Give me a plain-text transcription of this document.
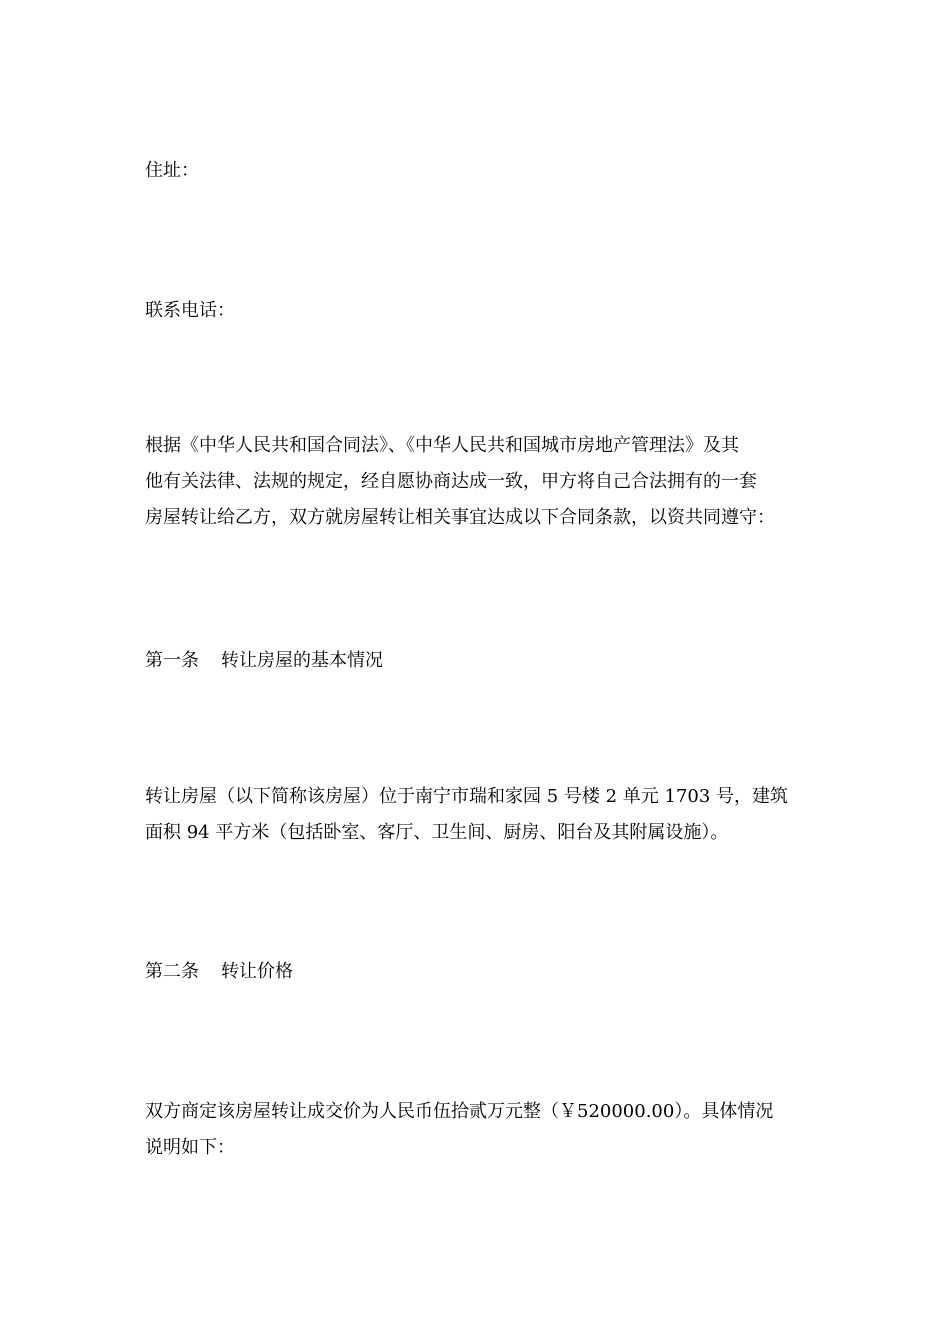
住址：

联系电话：

根据《中华人民共和国合同法》、《中华人民共和国城市房地产管理法》及其
他有关法律、法规的规定，经自愿协商达成一致，甲方将自己合法拥有的一套
房屋转让给乙方，双方就房屋转让相关事宜达成以下合同条款，以资共同遵守：

第一条 转让房屋的基本情况

转让房屋（以下简称该房屋）位于南宁市瑞和家园 5 号楼 2 单元 1703 号，建筑
面积 94 平方米（包括卧室、客厅、卫生间、厨房、阳台及其附属设施）。

第二条 转让价格

双方商定该房屋转让成交价为人民币伍拾贰万元整（￥520000.00）。具体情况
说明如下：
